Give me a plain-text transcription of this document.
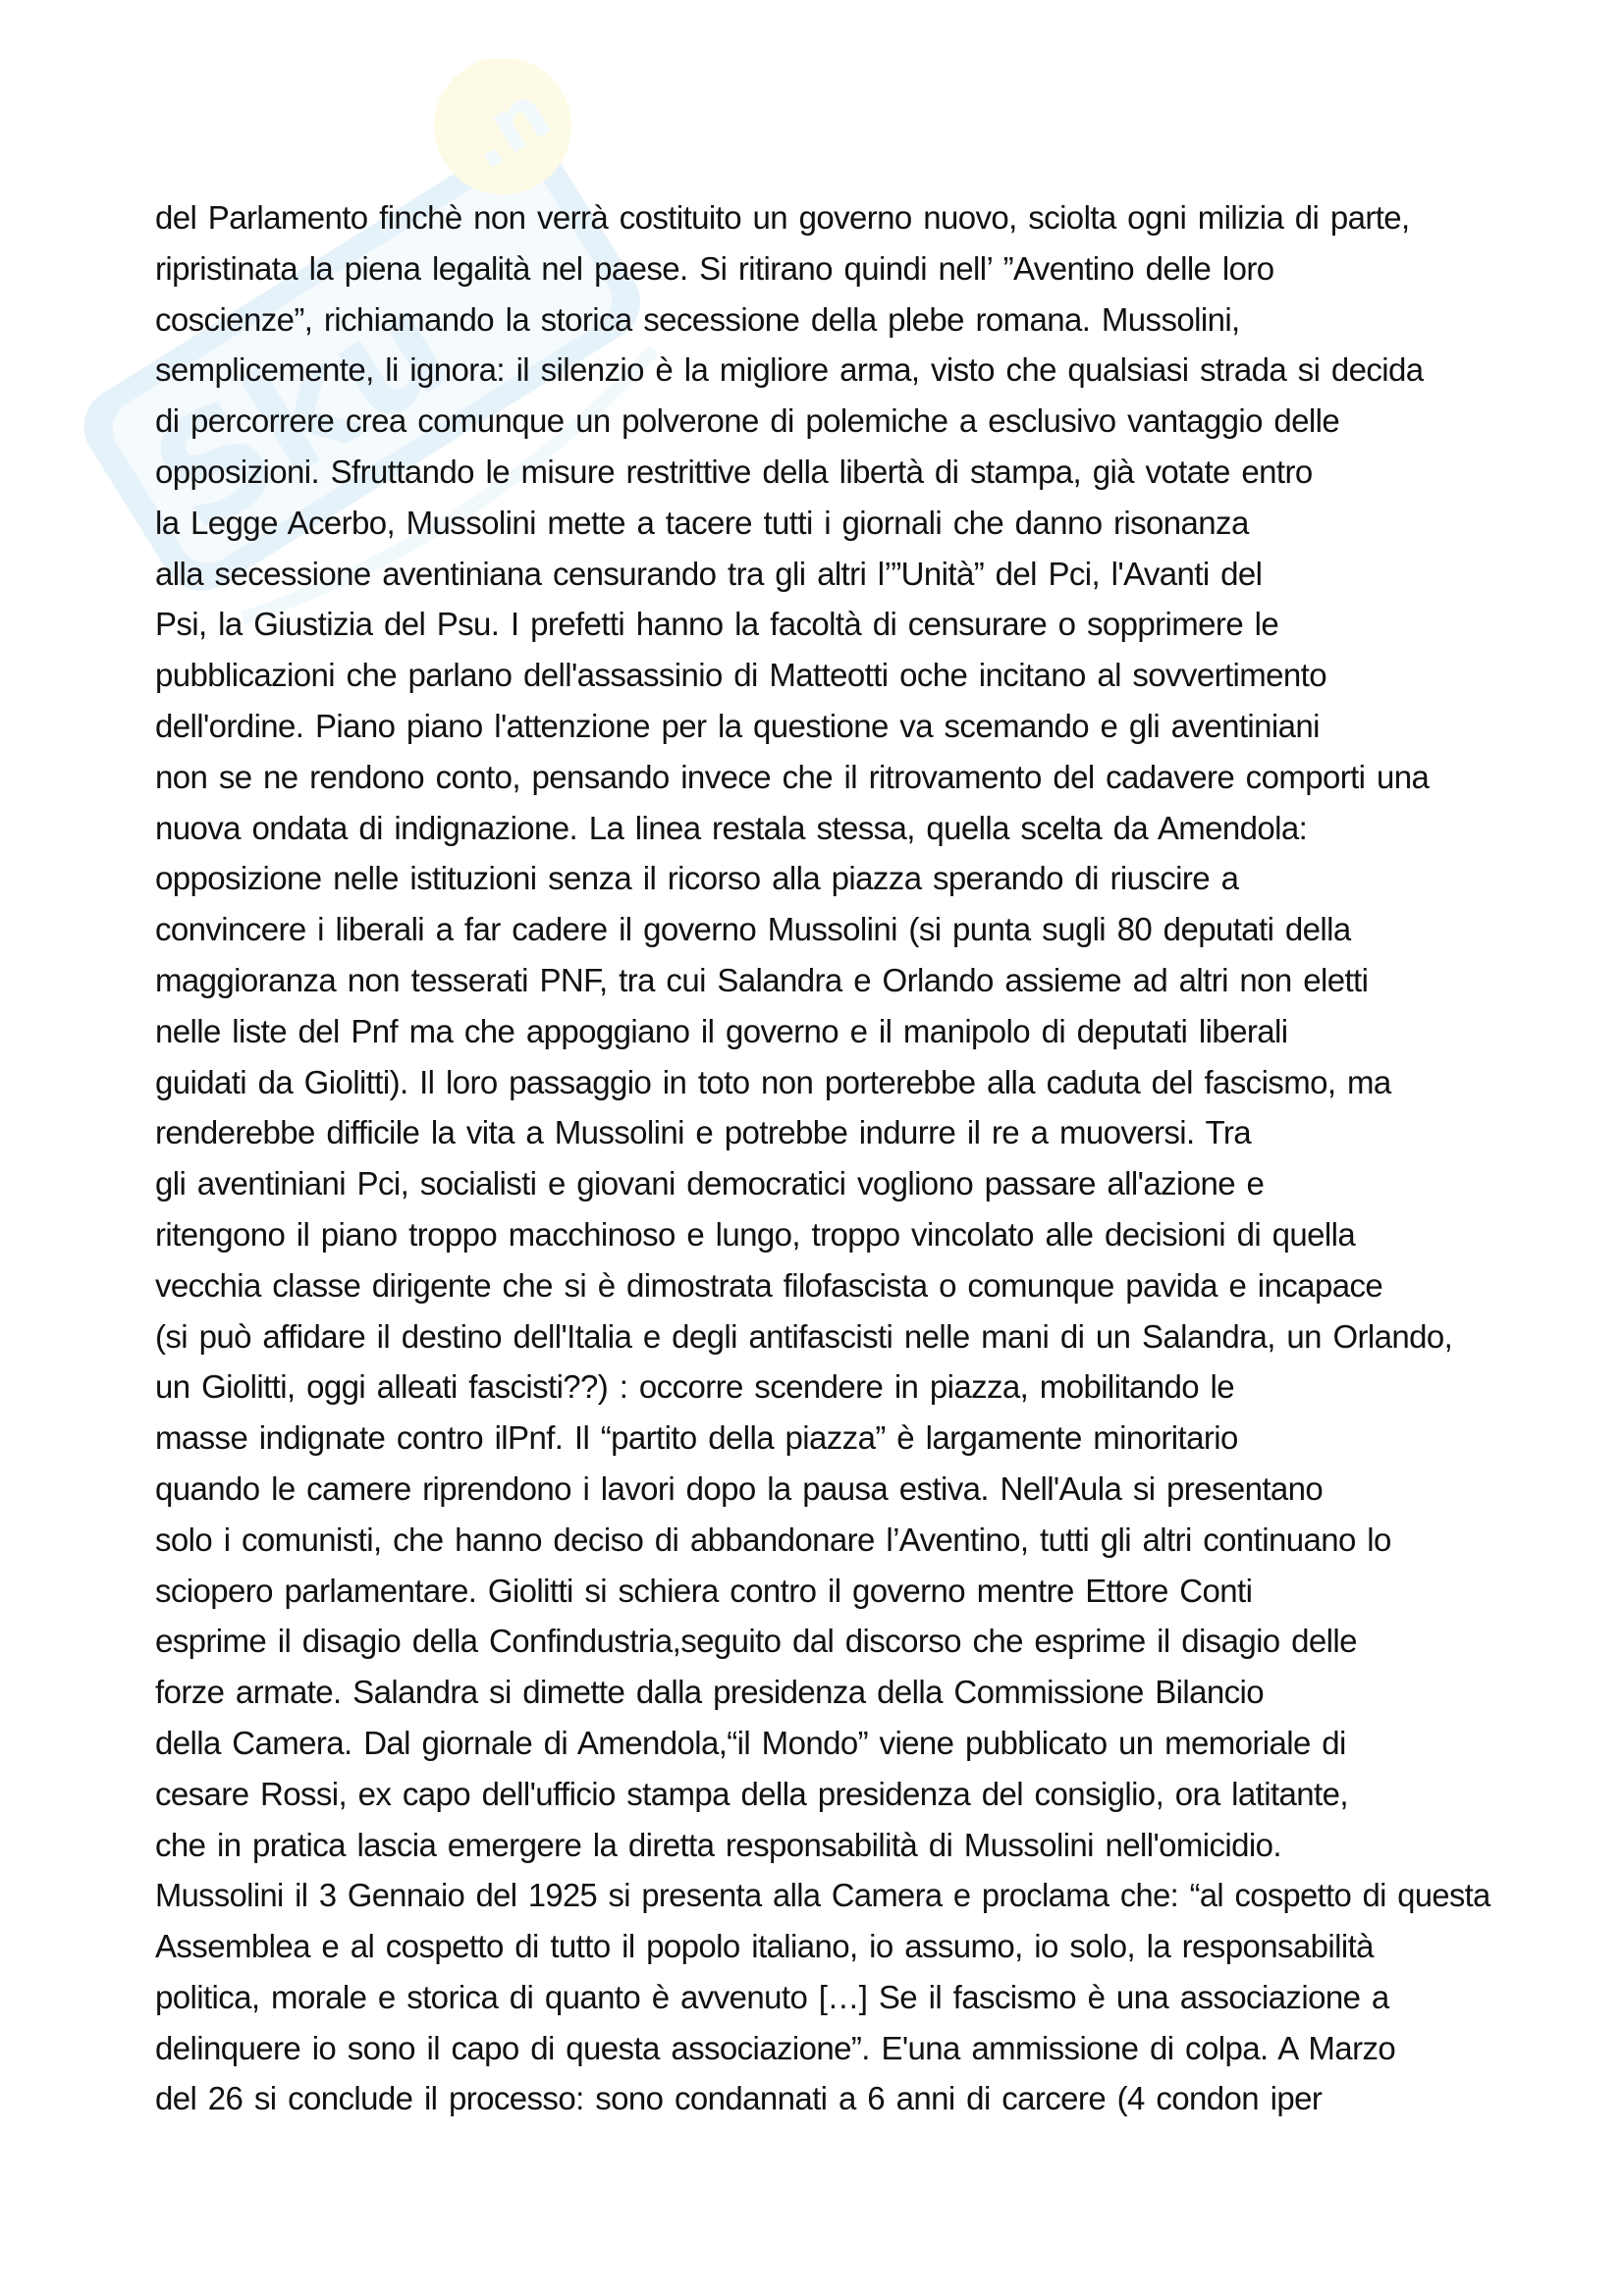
Sku
.n
del Parlamento finchè non verrà costituito un governo nuovo, sciolta ogni milizia di parte,
ripristinata la piena legalità nel paese. Si ritirano quindi nell’ ”Aventino delle loro
coscienze”, richiamando la storica secessione della plebe romana. Mussolini,
semplicemente, li ignora: il silenzio è la migliore arma, visto che qualsiasi strada si decida
di percorrere crea comunque un polverone di polemiche a esclusivo vantaggio delle
opposizioni. Sfruttando le misure restrittive della libertà di stampa, già votate entro
la Legge Acerbo, Mussolini mette a tacere tutti i giornali che danno risonanza
alla secessione aventiniana censurando tra gli altri l’”Unità” del Pci, l'Avanti del
Psi, la Giustizia del Psu. I prefetti hanno la facoltà di censurare o sopprimere le
pubblicazioni che parlano dell'assassinio di Matteotti oche incitano al sovvertimento
dell'ordine. Piano piano l'attenzione per la questione va scemando e gli aventiniani
non se ne rendono conto, pensando invece che il ritrovamento del cadavere comporti una
nuova ondata di indignazione. La linea restala stessa, quella scelta da Amendola:
opposizione nelle istituzioni senza il ricorso alla piazza sperando di riuscire a
convincere i liberali a far cadere il governo Mussolini (si punta sugli 80 deputati della
maggioranza non tesserati PNF, tra cui Salandra e Orlando assieme ad altri non eletti
nelle liste del Pnf ma che appoggiano il governo e il manipolo di deputati liberali
guidati da Giolitti). Il loro passaggio in toto non porterebbe alla caduta del fascismo, ma
renderebbe difficile la vita a Mussolini e potrebbe indurre il re a muoversi. Tra
gli aventiniani Pci, socialisti e giovani democratici vogliono passare all'azione e
ritengono il piano troppo macchinoso e lungo, troppo vincolato alle decisioni di quella
vecchia classe dirigente che si è dimostrata filofascista o comunque pavida e incapace
(si può affidare il destino dell'Italia e degli antifascisti nelle mani di un Salandra, un Orlando,
un Giolitti, oggi alleati fascisti??) : occorre scendere in piazza, mobilitando le
masse indignate contro ilPnf. Il “partito della piazza” è largamente minoritario
quando le camere riprendono i lavori dopo la pausa estiva. Nell'Aula si presentano
solo i comunisti, che hanno deciso di abbandonare l’Aventino, tutti gli altri continuano lo
sciopero parlamentare. Giolitti si schiera contro il governo mentre Ettore Conti
esprime il disagio della Confindustria,seguito dal discorso che esprime il disagio delle
forze armate. Salandra si dimette dalla presidenza della Commissione Bilancio
della Camera. Dal giornale di Amendola,“il Mondo” viene pubblicato un memoriale di
cesare Rossi, ex capo dell'ufficio stampa della presidenza del consiglio, ora latitante,
che in pratica lascia emergere la diretta responsabilità di Mussolini nell'omicidio.
Mussolini il 3 Gennaio del 1925 si presenta alla Camera e proclama che: “al cospetto di questa
Assemblea e al cospetto di tutto il popolo italiano, io assumo, io solo, la responsabilità
politica, morale e storica di quanto è avvenuto […] Se il fascismo è una associazione a
delinquere io sono il capo di questa associazione”. E'una ammissione di colpa. A Marzo
del 26 si conclude il processo: sono condannati a 6 anni di carcere (4 condon iper
